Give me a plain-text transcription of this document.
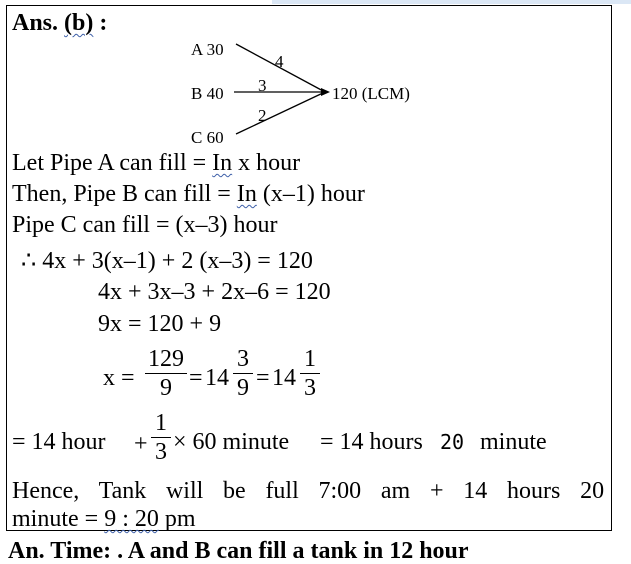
Ans. (b) :
A 30
B 40
C 60
4
3
2
120 (LCM)
Let Pipe A can fill = In x hour
Then, Pipe B can fill = In (x–1) hour
Pipe C can fill = (x–3) hour
∴ 4x + 3(x–1) + 2 (x–3) = 120
4x + 3x–3 + 2x–6 = 120
9x = 120 + 9
x =
129
9 = 14
3
9 = 14
1
3
= 14 hour +
1
3 × 60 minute = 14 hours 20 minute
Hence, Tank will be full 7:00 am + 14 hours 20
minute = 9 : 20 pm
An. Time: . A and B can fill a tank in 12 hour
